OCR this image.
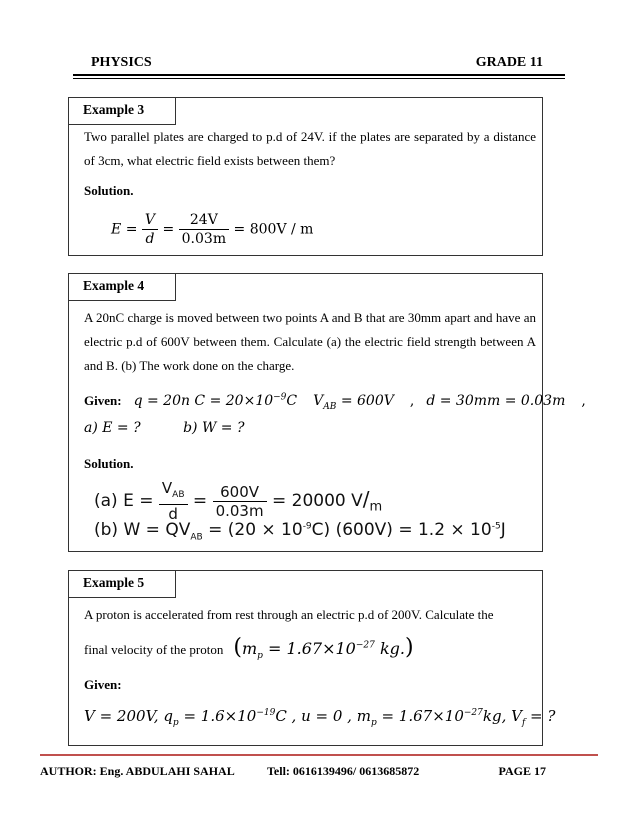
PHYSICS	GRADE 11
Example 3
Two parallel plates are charged to p.d of 24V. if the plates are separated by a distance of 3cm, what electric field exists between them?
Solution.
$E = \frac{V}{d} = \frac{24V}{0.03m} = 800V / m$
Example 4
A 20nC charge is moved between two points A and B that are 30mm apart and have an electric p.d of 600V between them. Calculate (a) the electric field strength between A and B. (b) The work done on the charge.
Given: q = 20n $C = 20\times 10^{-9}C$ $V_{AB} = 600V$ , d = 30mm = 0.03m ,
a) E = ?	b) W = ?
Solution.
(a) $E = \frac{V_{AB}}{d} = \frac{600V}{0.03m} = 20000$ $V/_m$
(b) $W = QV_{AB} = (20 \times 10^{-9}C) (600V) = 1.2 \times 10^{-5}J$
Example 5
A proton is accelerated from rest through an electric p.d of 200V. Calculate the
final velocity of the proton ($m_p = 1.67\times 10^{-27}$ kg.)
Given:
V = 200V, $q_p = 1.6\times 10^{-19}C$ , u = 0 , $m_p = 1.67\times 10^{-27}kg$, $V_f$ = ?
AUTHOR: Eng. ABDULAHI SAHAL	Tell: 0616139496/ 0613685872	PAGE 17
